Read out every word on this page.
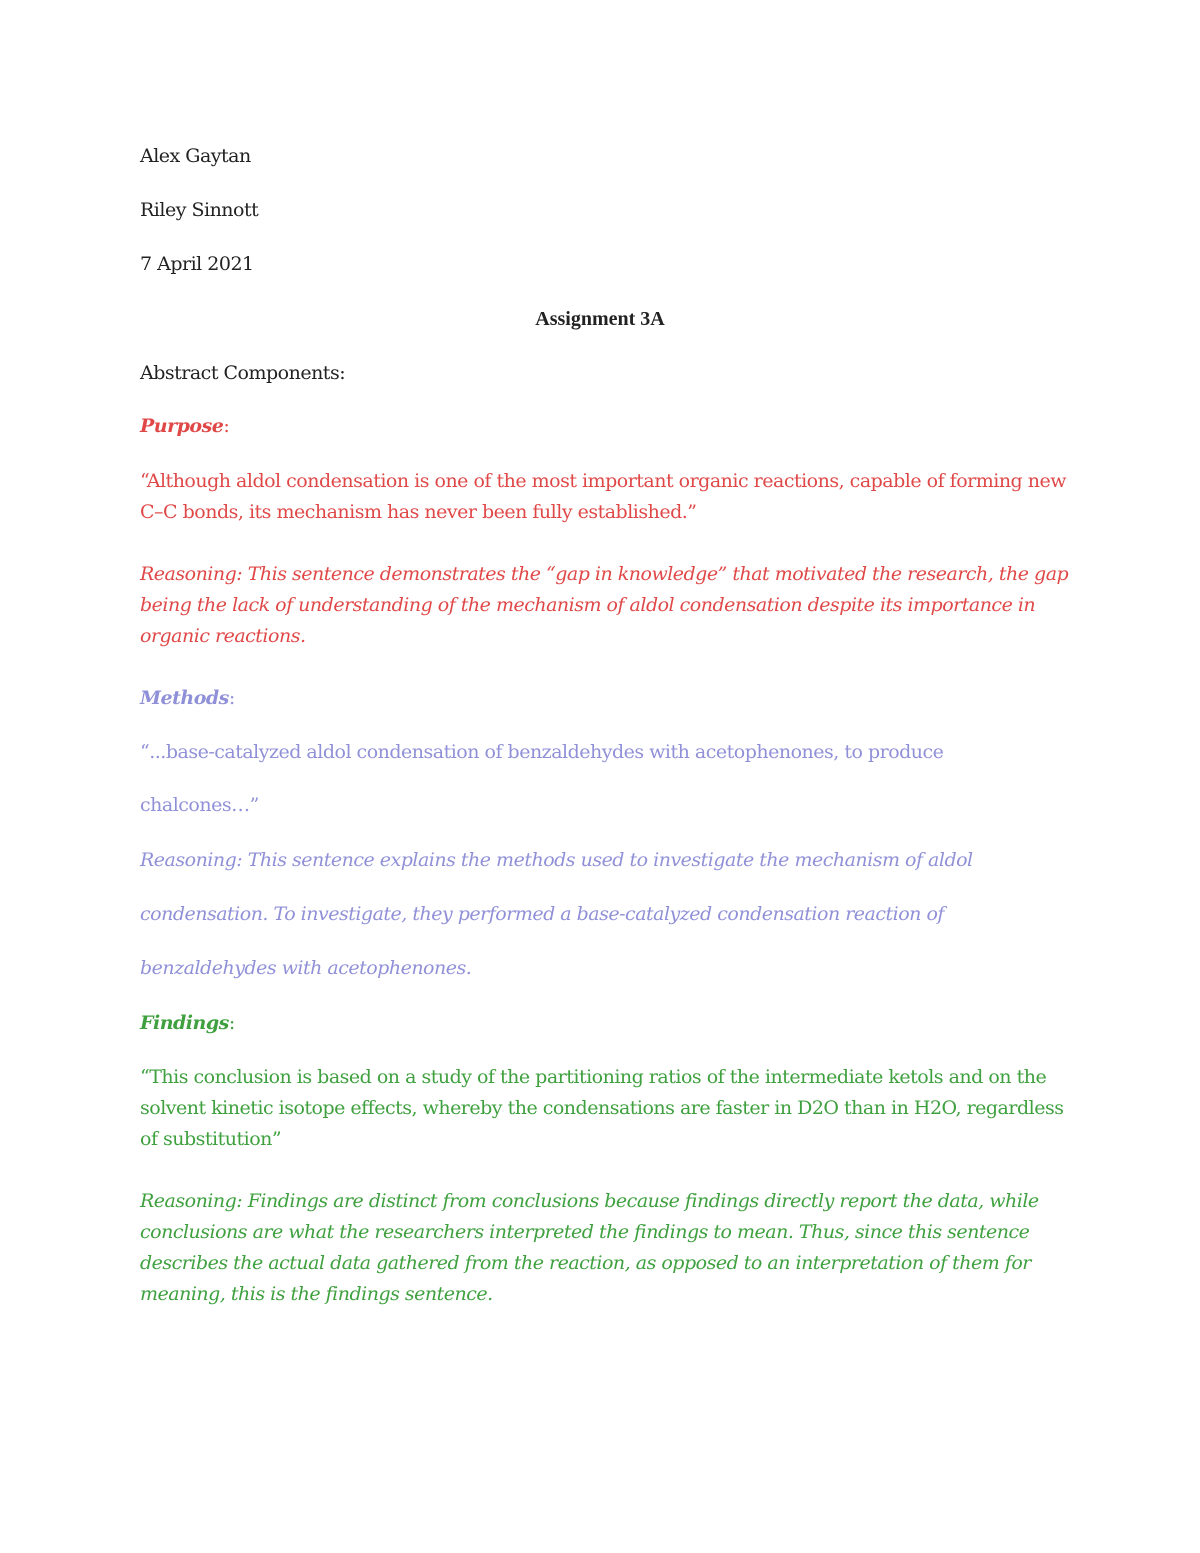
Alex Gaytan
Riley Sinnott
7 April 2021
Assignment 3A
Abstract Components:
Purpose:
“Although aldol condensation is one of the most important organic reactions, capable of forming new C–C bonds, its mechanism has never been fully established.”
Reasoning: This sentence demonstrates the “gap in knowledge” that motivated the research, the gap being the lack of understanding of the mechanism of aldol condensation despite its importance in organic reactions.
Methods:
“...base-catalyzed aldol condensation of benzaldehydes with acetophenones, to produce
chalcones…”
Reasoning: This sentence explains the methods used to investigate the mechanism of aldol
condensation. To investigate, they performed a base-catalyzed condensation reaction of
benzaldehydes with acetophenones.
Findings:
“This conclusion is based on a study of the partitioning ratios of the intermediate ketols and on the solvent kinetic isotope effects, whereby the condensations are faster in D2O than in H2O, regardless of substitution”
Reasoning: Findings are distinct from conclusions because findings directly report the data, while conclusions are what the researchers interpreted the findings to mean. Thus, since this sentence describes the actual data gathered from the reaction, as opposed to an interpretation of them for meaning, this is the findings sentence.
